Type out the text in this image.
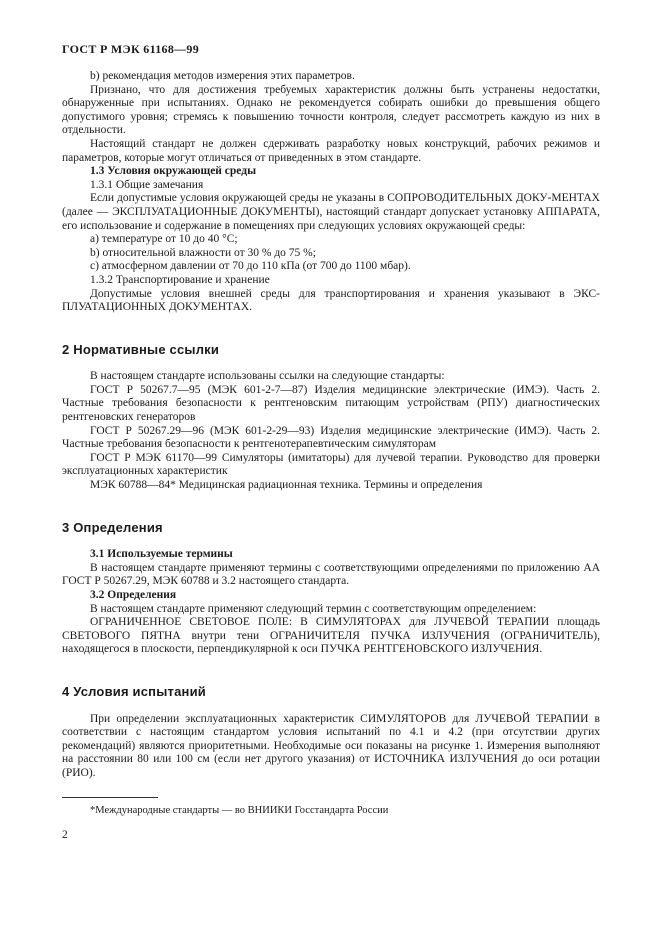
ГОСТ Р МЭК 61168—99

b) рекомендация методов измерения этих параметров.

Признано, что для достижения требуемых характеристик должны быть устранены недостатки, обнаруженные при испытаниях. Однако не рекомендуется собирать ошибки до превышения общего допустимого уровня; стремясь к повышению точности контроля, следует рассмотреть каждую из них в отдельности.

Настоящий стандарт не должен сдерживать разработку новых конструкций, рабочих режимов и параметров, которые могут отличаться от приведенных в этом стандарте.

1.3 Условия окружающей среды

1.3.1 Общие замечания

Если допустимые условия окружающей среды не указаны в СОПРОВОДИТЕЛЬНЫХ ДОКУ-МЕНТАХ (далее — ЭКСПЛУАТАЦИОННЫЕ ДОКУМЕНТЫ), настоящий стандарт допускает установку АППАРАТА, его использование и содержание в помещениях при следующих условиях окружающей среды:

a) температуре от 10 до 40 °С;

b) относительной влажности от 30 % до 75 %;

c) атмосферном давлении от 70 до 110 кПа (от 700 до 1100 мбар).

1.3.2 Транспортирование и хранение

Допустимые условия внешней среды для транспортирования и хранения указывают в ЭКС-ПЛУАТАЦИОННЫХ ДОКУМЕНТАХ.

2 Нормативные ссылки

В настоящем стандарте использованы ссылки на следующие стандарты:

ГОСТ Р 50267.7—95 (МЭК 601-2-7—87) Изделия медицинские электрические (ИМЭ). Часть 2. Частные требования безопасности к рентгеновским питающим устройствам (РПУ) диагностических рентгеновских генераторов

ГОСТ Р 50267.29—96 (МЭК 601-2-29—93) Изделия медицинские электрические (ИМЭ). Часть 2. Частные требования безопасности к рентгенотерапевтическим симуляторам

ГОСТ Р МЭК 61170—99 Симуляторы (имитаторы) для лучевой терапии. Руководство для проверки эксплуатационных характеристик

МЭК 60788—84* Медицинская радиационная техника. Термины и определения

3 Определения

3.1 Используемые термины

В настоящем стандарте применяют термины с соответствующими определениями по приложению АА ГОСТ Р 50267.29, МЭК 60788 и 3.2 настоящего стандарта.

3.2 Определения

В настоящем стандарте применяют следующий термин с соответствующим определением:

ОГРАНИЧЕННОЕ СВЕТОВОЕ ПОЛЕ: В СИМУЛЯТОРАХ для ЛУЧЕВОЙ ТЕРАПИИ площадь СВЕТОВОГО ПЯТНА внутри тени ОГРАНИЧИТЕЛЯ ПУЧКА ИЗЛУЧЕНИЯ (ОГРАНИЧИТЕЛЬ), находящегося в плоскости, перпендикулярной к оси ПУЧКА РЕНТГЕНОВСКОГО ИЗЛУЧЕНИЯ.

4 Условия испытаний

При определении эксплуатационных характеристик СИМУЛЯТОРОВ для ЛУЧЕВОЙ ТЕРАПИИ в соответствии с настоящим стандартом условия испытаний по 4.1 и 4.2 (при отсутствии других рекомендаций) являются приоритетными. Необходимые оси показаны на рисунке 1. Измерения выполняют на расстоянии 80 или 100 см (если нет другого указания) от ИСТОЧНИКА ИЗЛУЧЕНИЯ до оси ротации (РИО).

*Международные стандарты — во ВНИИКИ Госстандарта России
2
